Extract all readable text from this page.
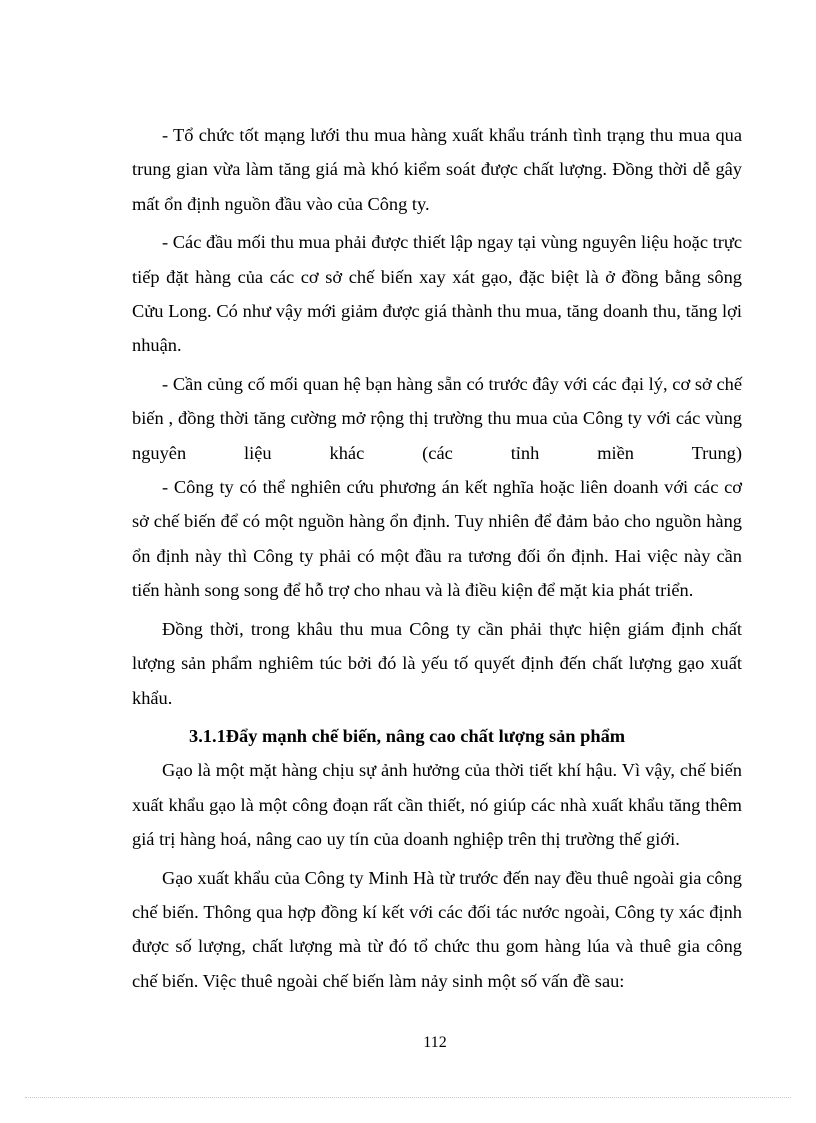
- Tổ chức tốt mạng lưới thu mua hàng xuất khẩu tránh tình trạng thu mua qua trung gian vừa làm tăng giá mà khó kiểm soát được chất lượng. Đồng thời dễ gây mất ổn định nguồn đầu vào của Công ty.

- Các đầu mối thu mua phải được thiết lập ngay tại vùng nguyên liệu hoặc trực tiếp đặt hàng của các cơ sở chế biến xay xát gạo, đặc biệt là ở đồng bằng sông Cửu Long. Có như vậy mới giảm được giá thành thu mua, tăng doanh thu, tăng lợi nhuận.

- Cần củng cố mối quan hệ bạn hàng sẵn có trước đây với các đại lý, cơ sở chế biến , đồng thời tăng cường mở rộng thị trường thu mua của Công ty với các vùng nguyên liệu khác (các tỉnh miền Trung)

- Công ty có thể nghiên cứu phương án kết nghĩa hoặc liên doanh với các cơ sở chế biến để có một nguồn hàng ổn định. Tuy nhiên để đảm bảo cho nguồn hàng ổn định này thì Công ty phải có một đầu ra tương đối ổn định. Hai việc này cần tiến hành song song để hỗ trợ cho nhau và là điều kiện để mặt kia phát triển.

Đồng thời, trong khâu thu mua Công ty cần phải thực hiện giám định chất lượng sản phẩm nghiêm túc bởi đó là yếu tố quyết định đến chất lượng gạo xuất khẩu.

3.1.1Đẩy mạnh chế biến, nâng cao chất lượng sản phẩm

Gạo là một mặt hàng chịu sự ảnh hưởng của thời tiết khí hậu. Vì vậy, chế biến xuất khẩu gạo là một công đoạn rất cần thiết, nó giúp các nhà xuất khẩu tăng thêm giá trị hàng hoá, nâng cao uy tín của doanh nghiệp trên thị trường thế giới.

Gạo xuất khẩu của Công ty Minh Hà từ trước đến nay đều thuê ngoài gia công chế biến. Thông qua hợp đồng kí kết với các đối tác nước ngoài, Công ty xác định được số lượng, chất lượng mà từ đó tổ chức thu gom hàng lúa và thuê gia công chế biến. Việc thuê ngoài chế biến làm nảy sinh một số vấn đề sau:

112
